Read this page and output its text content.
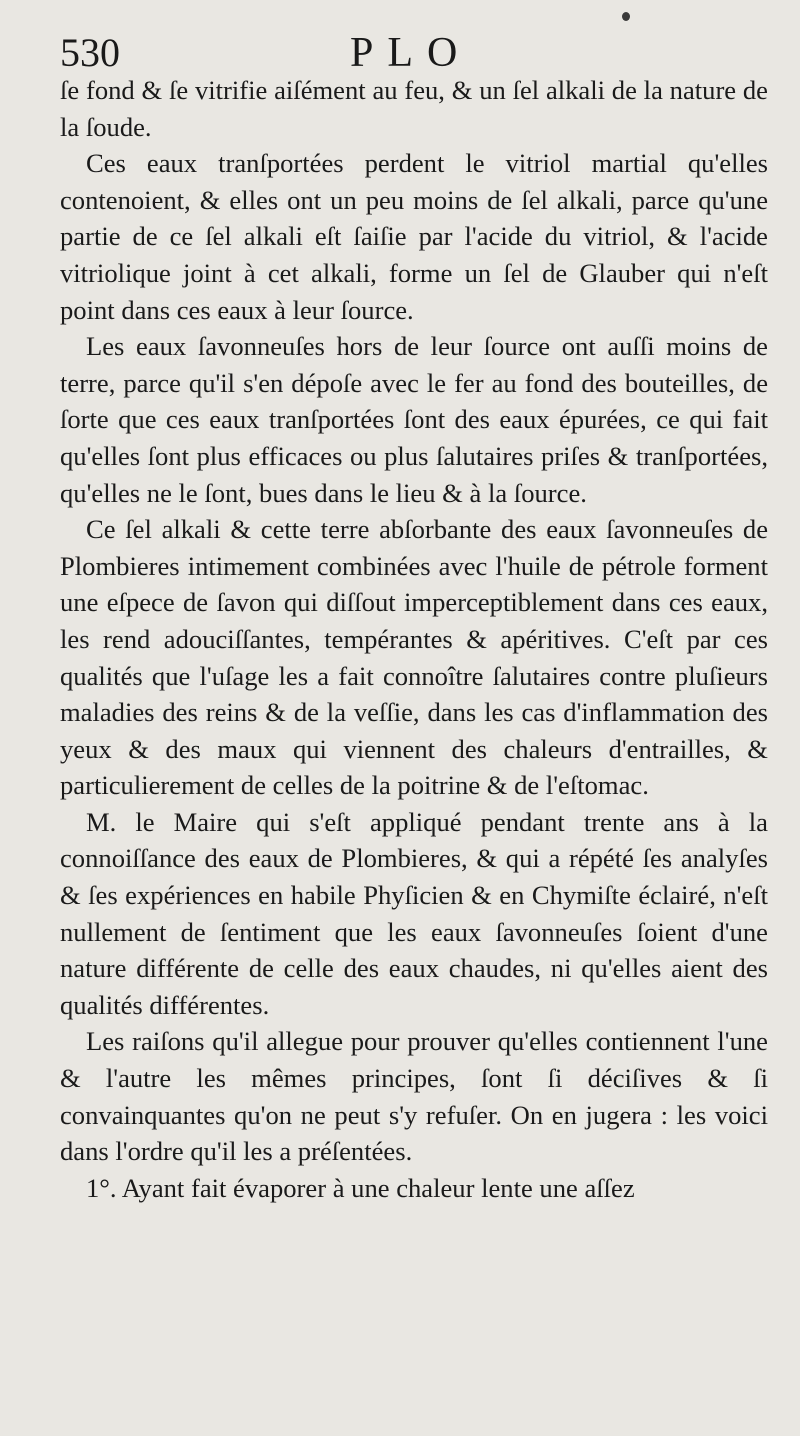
530	PLO

ſe fond & ſe vitrifie aiſément au feu, & un ſel alkali de la nature de la ſoude.

Ces eaux tranſportées perdent le vitriol martial qu'elles contenoient, & elles ont un peu moins de ſel alkali, parce qu'une partie de ce ſel alkali eſt ſaiſie par l'acide du vitriol, & l'acide vitriolique joint à cet alkali, forme un ſel de Glauber qui n'eſt point dans ces eaux à leur ſource.

Les eaux ſavonneuſes hors de leur ſource ont auſſi moins de terre, parce qu'il s'en dépoſe avec le fer au fond des bouteilles, de ſorte que ces eaux tranſportées ſont des eaux épurées, ce qui fait qu'elles ſont plus efficaces ou plus ſalutaires priſes & tranſportées, qu'elles ne le ſont, bues dans le lieu & à la ſource.

Ce ſel alkali & cette terre abſorbante des eaux ſavonneuſes de Plombieres intimement combinées avec l'huile de pétrole forment une eſpece de ſavon qui diſſout imperceptiblement dans ces eaux, les rend adouciſſantes, tempérantes & apéritives. C'eſt par ces qualités que l'uſage les a fait connoître ſalutaires contre pluſieurs maladies des reins & de la veſſie, dans les cas d'inflammation des yeux & des maux qui viennent des chaleurs d'entrailles, & particulierement de celles de la poitrine & de l'eſtomac.

M. le Maire qui s'eſt appliqué pendant trente ans à la connoiſſance des eaux de Plombieres, & qui a répété ſes analyſes & ſes expériences en habile Phyſicien & en Chymiſte éclairé, n'eſt nullement de ſentiment que les eaux ſavonneuſes ſoient d'une nature différente de celle des eaux chaudes, ni qu'elles aient des qualités différentes.

Les raiſons qu'il allegue pour prouver qu'elles contiennent l'une & l'autre les mêmes principes, ſont ſi déciſives & ſi convainquantes qu'on ne peut s'y refuſer. On en jugera : les voici dans l'ordre qu'il les a préſentées.

1°. Ayant fait évaporer à une chaleur lente une aſſez
